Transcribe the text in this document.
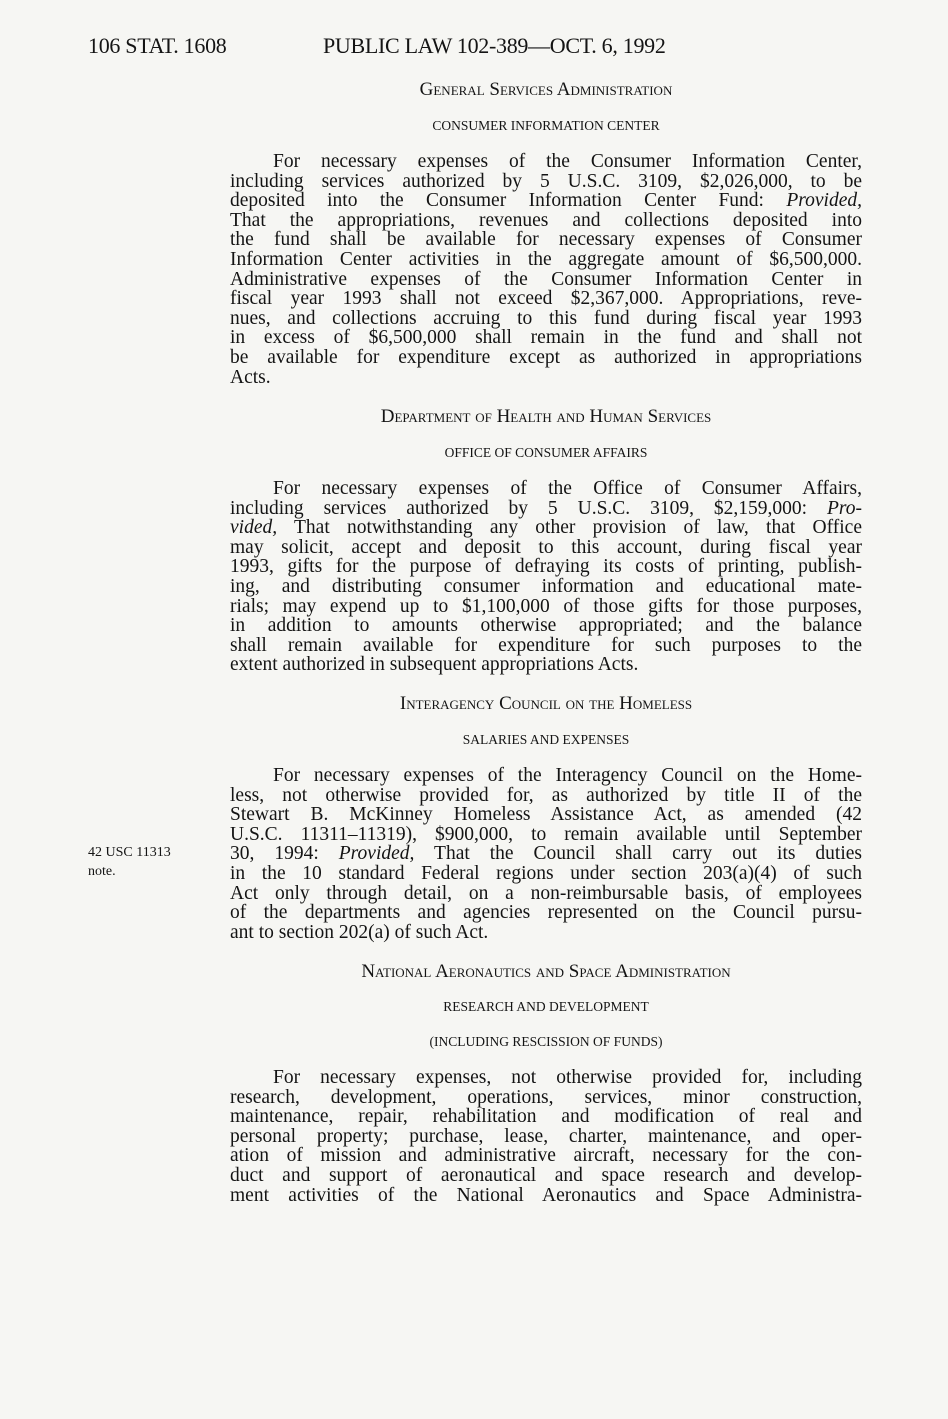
106 STAT. 1608	PUBLIC LAW 102-389—OCT. 6, 1992
General Services Administration
CONSUMER INFORMATION CENTER
For necessary expenses of the Consumer Information Center,
including services authorized by 5 U.S.C. 3109, $2,026,000, to be
deposited into the Consumer Information Center Fund: Provided,
That the appropriations, revenues and collections deposited into
the fund shall be available for necessary expenses of Consumer
Information Center activities in the aggregate amount of $6,500,000.
Administrative expenses of the Consumer Information Center in
fiscal year 1993 shall not exceed $2,367,000. Appropriations, reve-
nues, and collections accruing to this fund during fiscal year 1993
in excess of $6,500,000 shall remain in the fund and shall not
be available for expenditure except as authorized in appropriations
Acts.
Department of Health and Human Services
OFFICE OF CONSUMER AFFAIRS
For necessary expenses of the Office of Consumer Affairs,
including services authorized by 5 U.S.C. 3109, $2,159,000: Pro-
vided, That notwithstanding any other provision of law, that Office
may solicit, accept and deposit to this account, during fiscal year
1993, gifts for the purpose of defraying its costs of printing, publish-
ing, and distributing consumer information and educational mate-
rials; may expend up to $1,100,000 of those gifts for those purposes,
in addition to amounts otherwise appropriated; and the balance
shall remain available for expenditure for such purposes to the
extent authorized in subsequent appropriations Acts.
Interagency Council on the Homeless
SALARIES AND EXPENSES
For necessary expenses of the Interagency Council on the Home-
less, not otherwise provided for, as authorized by title II of the
Stewart B. McKinney Homeless Assistance Act, as amended (42
U.S.C. 11311–11319), $900,000, to remain available until September
30, 1994: Provided, That the Council shall carry out its duties
in the 10 standard Federal regions under section 203(a)(4) of such
Act only through detail, on a non-reimbursable basis, of employees
of the departments and agencies represented on the Council pursu-
ant to section 202(a) of such Act.
42 USC 11313
note.
National Aeronautics and Space Administration
RESEARCH AND DEVELOPMENT
(INCLUDING RESCISSION OF FUNDS)
For necessary expenses, not otherwise provided for, including
research, development, operations, services, minor construction,
maintenance, repair, rehabilitation and modification of real and
personal property; purchase, lease, charter, maintenance, and oper-
ation of mission and administrative aircraft, necessary for the con-
duct and support of aeronautical and space research and develop-
ment activities of the National Aeronautics and Space Administra-
